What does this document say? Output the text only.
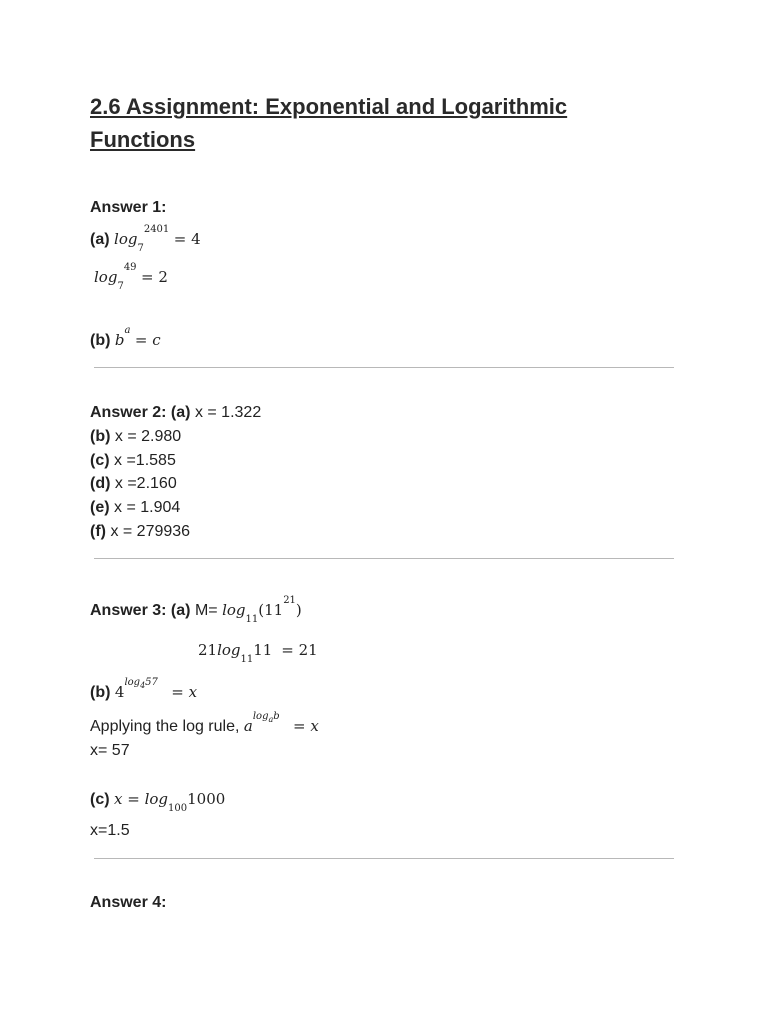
2.6 Assignment: Exponential and Logarithmic
Functions
Answer 1:
(a) $\log_7^{2401} = 4$
$\log_7^{49} = 2$
(b) $b^a = c$
Answer 2: (a) x = 1.322
(b) x = 2.980
(c) x =1.585
(d) x =2.160
(e) x = 1.904
(f) x = 279936
Answer 3: (a) $M= \log_{11}(11^{21})$
$21\log_{11}11 = 21$
(b) $4^{log_457} = x$
Applying the log rule, $a^{log_ab} = x$
x= 57
(c) $x = \log_{100}1000$
x=1.5
Answer 4:
